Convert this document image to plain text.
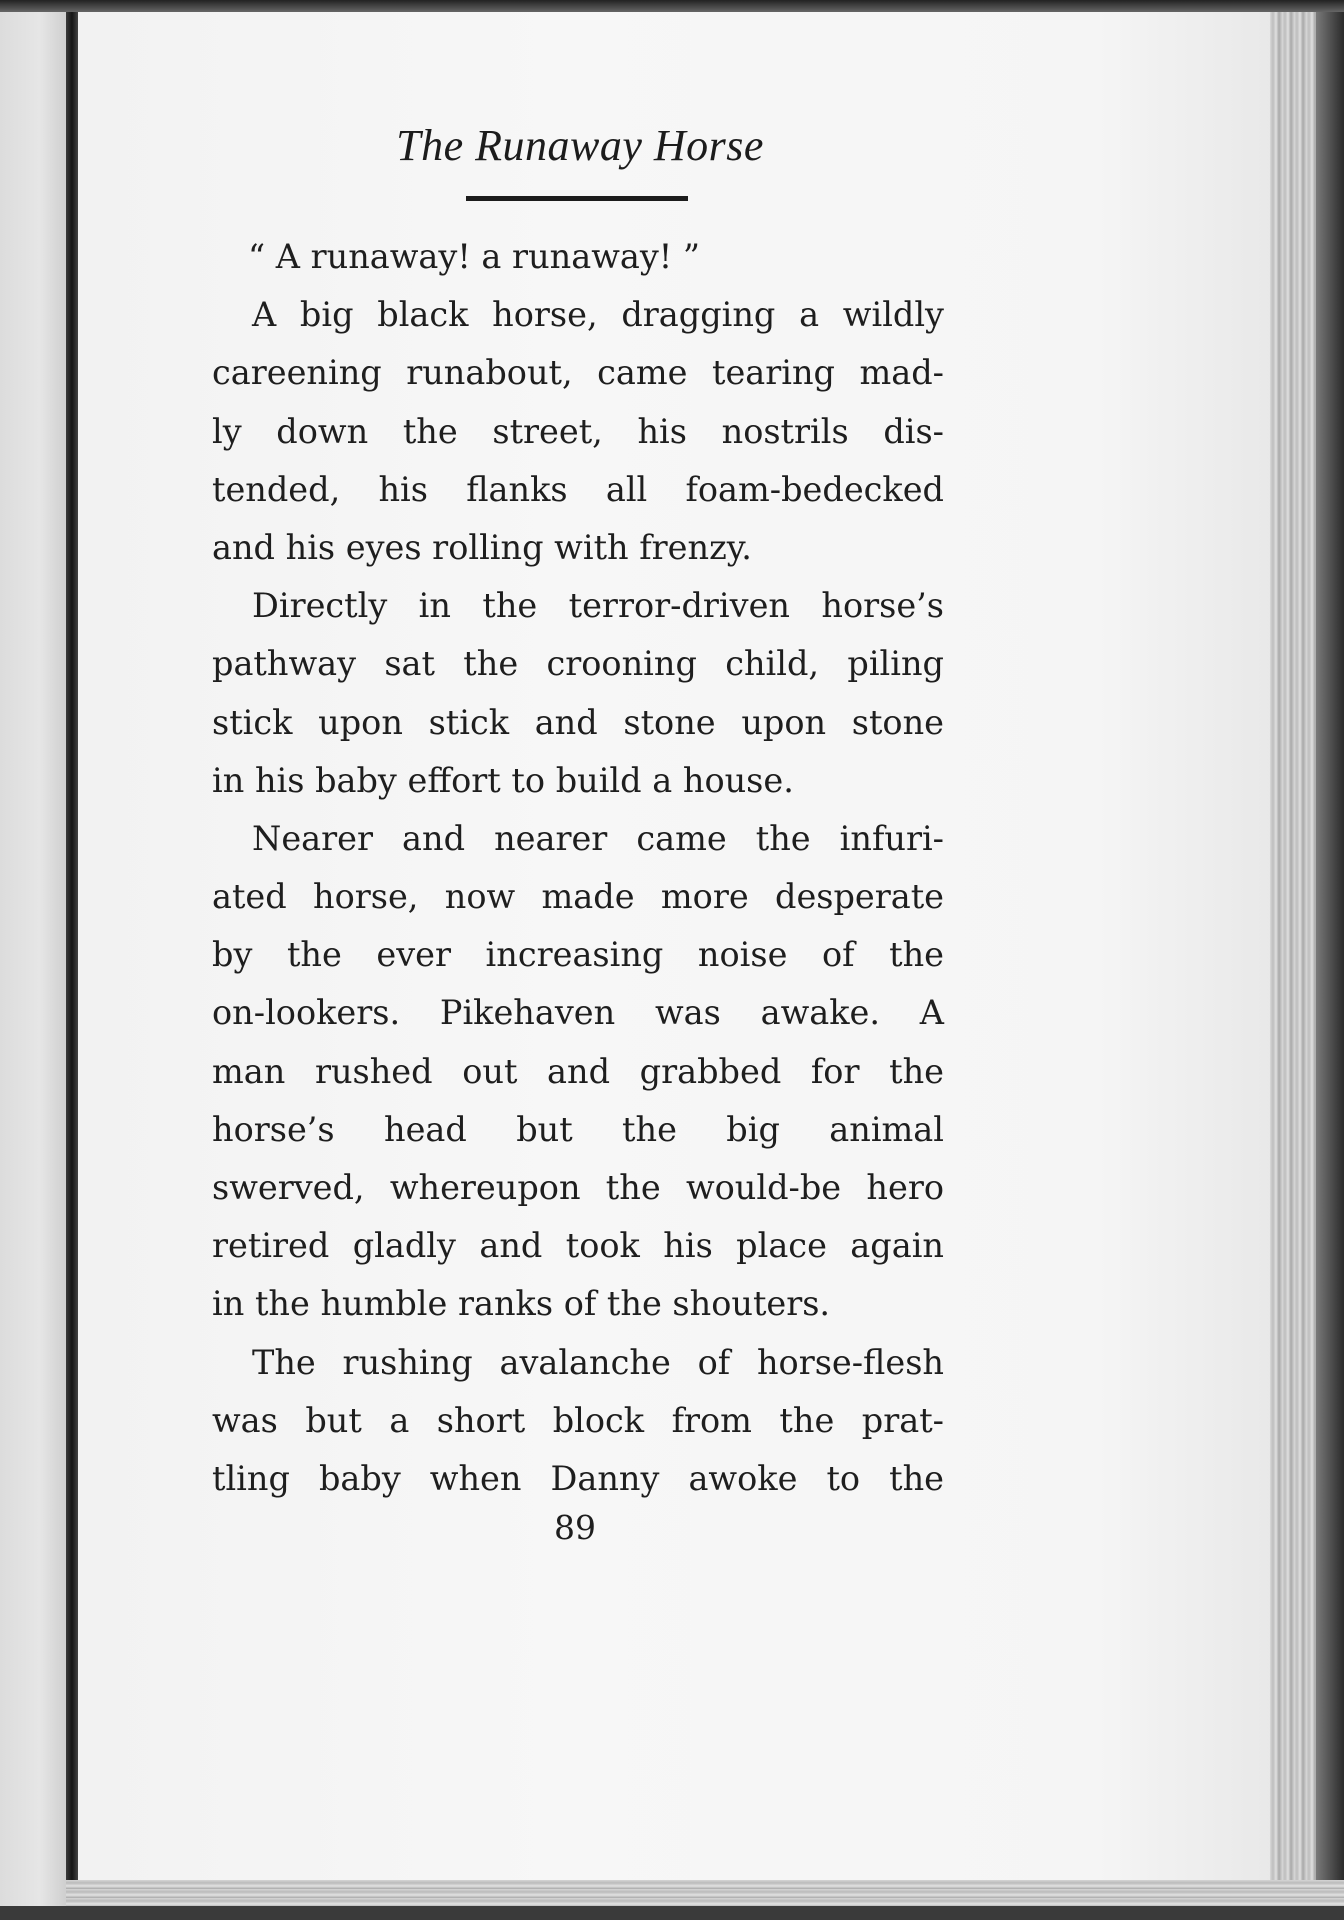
The Runaway Horse
“ A runaway! a runaway! ”
A big black horse, dragging a wildly
careening runabout, came tearing mad-
ly down the street, his nostrils dis-
tended, his flanks all foam-bedecked
and his eyes rolling with frenzy.
Directly in the terror-driven horse’s
pathway sat the crooning child, piling
stick upon stick and stone upon stone
in his baby effort to build a house.
Nearer and nearer came the infuri-
ated horse, now made more desperate
by the ever increasing noise of the
on-lookers. Pikehaven was awake. A
man rushed out and grabbed for the
horse’s head but the big animal
swerved, whereupon the would-be hero
retired gladly and took his place again
in the humble ranks of the shouters.
The rushing avalanche of horse-flesh
was but a short block from the prat-
tling baby when Danny awoke to the
89
